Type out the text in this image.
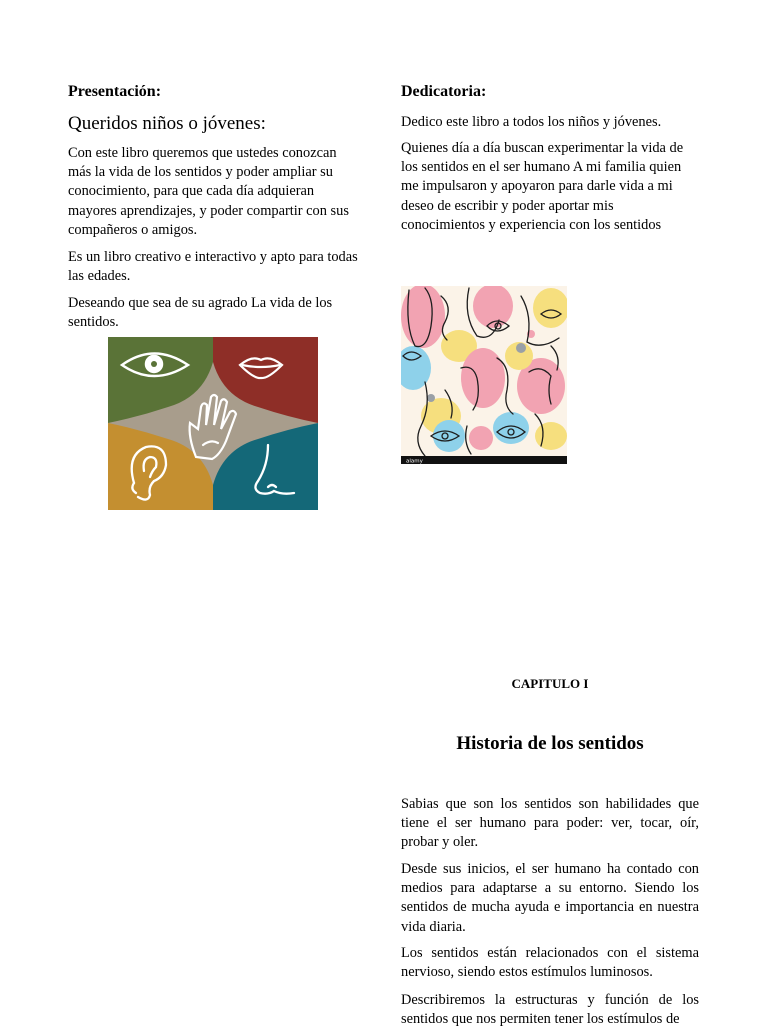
Presentación:

Queridos niños o jóvenes:

Con este libro queremos que ustedes conozcan más la vida de los sentidos y poder ampliar su conocimiento, para que cada día adquieran mayores aprendizajes, y poder compartir con sus compañeros o amigos.

Es un libro creativo e interactivo y apto para todas las edades.

Deseando que sea de su agrado La vida de los sentidos.

Dedicatoria:

Dedico este libro a todos los niños y jóvenes.

Quienes día a día buscan experimentar la vida de los sentidos en el ser humano A mi familia quien me impulsaron y apoyaron para darle vida a mi deseo de escribir y poder aportar mis conocimientos y experiencia con los sentidos

alamy

CAPITULO I

Historia de los sentidos

Sabias que son los sentidos son habilidades que tiene el ser humano para poder: ver, tocar, oír, probar y oler.

Desde sus inicios, el ser humano ha contado con medios para adaptarse a su entorno. Siendo los sentidos de mucha ayuda e importancia en nuestra vida diaria.

Los sentidos están relacionados con el sistema nervioso, siendo estos estímulos luminosos.

Describiremos la estructuras y función de los sentidos que nos permiten tener los estímulos de
